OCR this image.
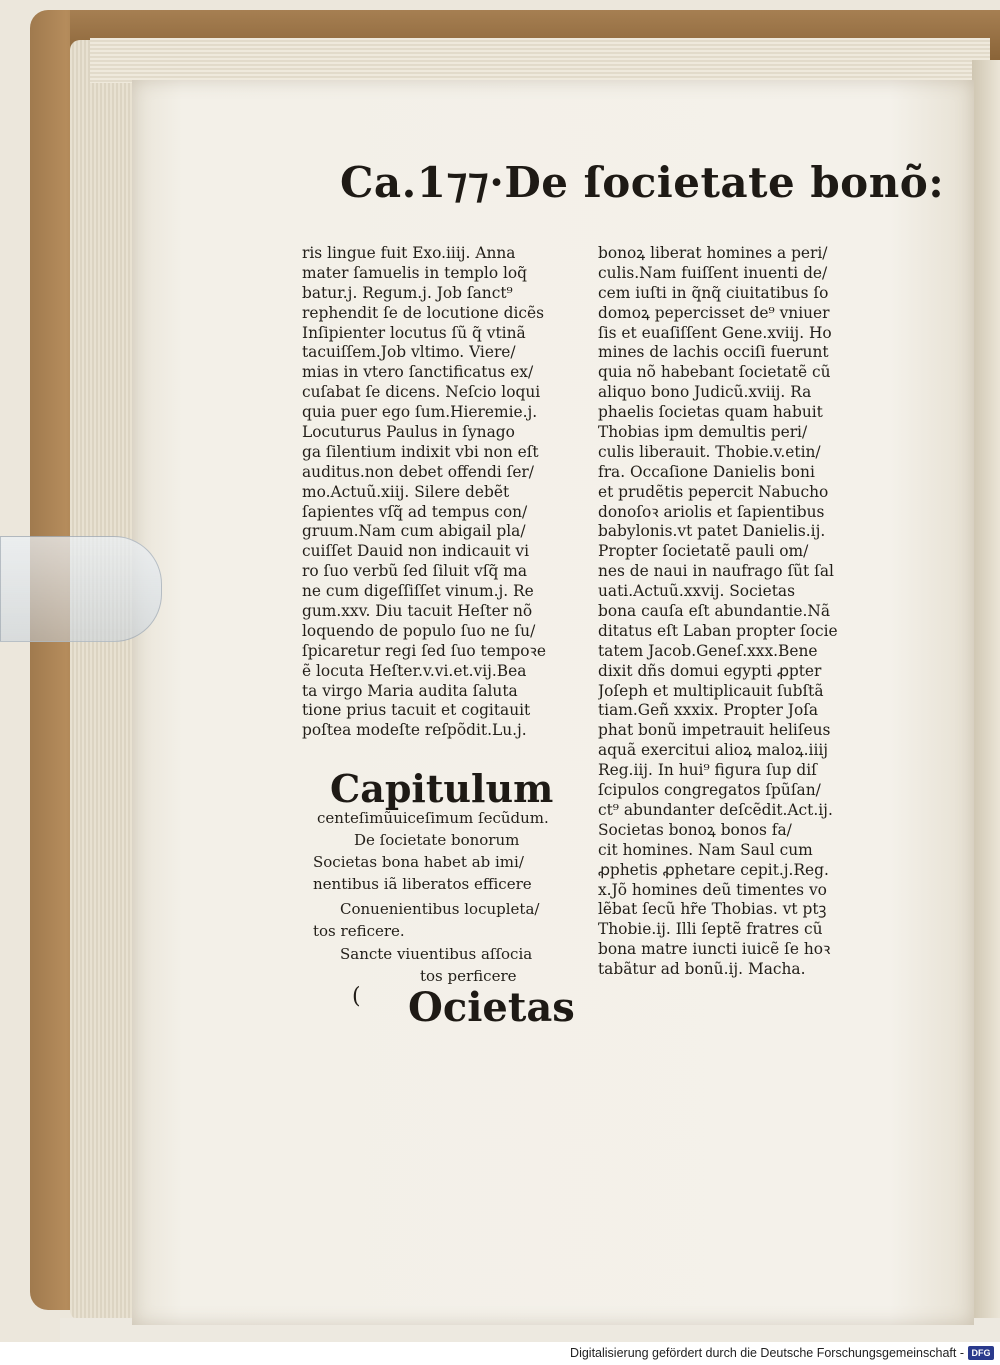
Ca.1⁊⁊·De ſocietate bonõ:
ris lingue fuit Exo.iiij. Anna
mater ſamuelis in templo loq̃
batur.j. Regum.j. Job ſanct⁹
rephendit ſe de locutione dicẽs
Inſipienter locutus ſũ q̃ vtinã
tacuiſſem.Job vltimo. Viere/
mias in vtero ſanctificatus ex/
cuſabat ſe dicens. Neſcio loqui
quia puer ego ſum.Hieremie.j.
Locuturus Paulus in ſynago
ga ſilentium indixit vbi non eſt
auditus.non debet offendi ſer/
mo.Actuũ.xiij. Silere debẽt
ſapientes vſq̃ ad tempus con/
gruum.Nam cum abigail pla/
cuiſſet Dauid non indicauit vi
ro ſuo verbũ ſed ſiluit vſq̃ ma
ne cum digeſſiſſet vinum.j. Re
gum.xxv. Diu tacuit Heſter nõ
loquendo de populo ſuo ne ſu/
ſpicaretur regi ſed ſuo tempoꝛe
ẽ locuta Heſter.v.vi.et.vij.Bea
ta virgo Maria audita ſaluta
tione prius tacuit et cogitauit
poſtea modeſte reſpõdit.Lu.j.
Capitulum
centeſimũuiceſimum ſecũdum.
De ſocietate bonorum
Societas bona habet ab imi/
nentibus iã liberatos efficere
Conuenientibus locupleta/
tos reficere.
Sancte viuentibus aſſocia
tos perficere
( Ocietas
bonoꝝ liberat homines a peri/
culis.Nam fuiſſent inuenti de/
cem iuſti in q̃nq̃ ciuitatibus ſo
domoꝝ pepercisset de⁹ vniuer
ſis et euaſiſſent Gene.xviij. Ho
mines de lachis occiſi fuerunt
quia nõ habebant ſocietatẽ cũ
aliquo bono Judicũ.xviij. Ra
phaelis ſocietas quam habuit
Thobias ipm demultis peri/
culis liberauit. Thobie.v.etin/
fra. Occaſione Danielis boni
et prudẽtis pepercit Nabucho
donoſoꝛ ariolis et ſapientibus
babylonis.vt patet Danielis.ij.
Propter ſocietatẽ pauli om/
nes de naui in naufrago ſũt ſal
uati.Actuũ.xxvij. Societas
bona cauſa eſt abundantie.Nã
ditatus eſt Laban propter ſocie
tatem Jacob.Geneſ.xxx.Bene
dixit dñs domui egypti ꝓpter
Joſeph et multiplicauit ſubſtã
tiam.Geñ xxxix. Propter Joſa
phat bonũ impetrauit heliſeus
aquã exercitui alioꝝ maloꝝ.iiij
Reg.iij. In hui⁹ figura ſup diſ
ſcipulos congregatos ſpũſan/
ct⁹ abundanter deſcẽdit.Act.ij.
Societas bonoꝝ bonos fa/
cit homines. Nam Saul cum
ꝓphetis ꝓphetare cepit.j.Reg.
x.Jõ homines deũ timentes vo
lẽbat ſecũ hr̃e Thobias. vt ptꝫ
Thobie.ij. Illi ſeptẽ fratres cũ
bona matre iuncti iuicẽ ſe hoꝛ
tabãtur ad bonũ.ij. Macha.
Digitalisierung gefördert durch die Deutsche Forschungsgemeinschaft - DFG
